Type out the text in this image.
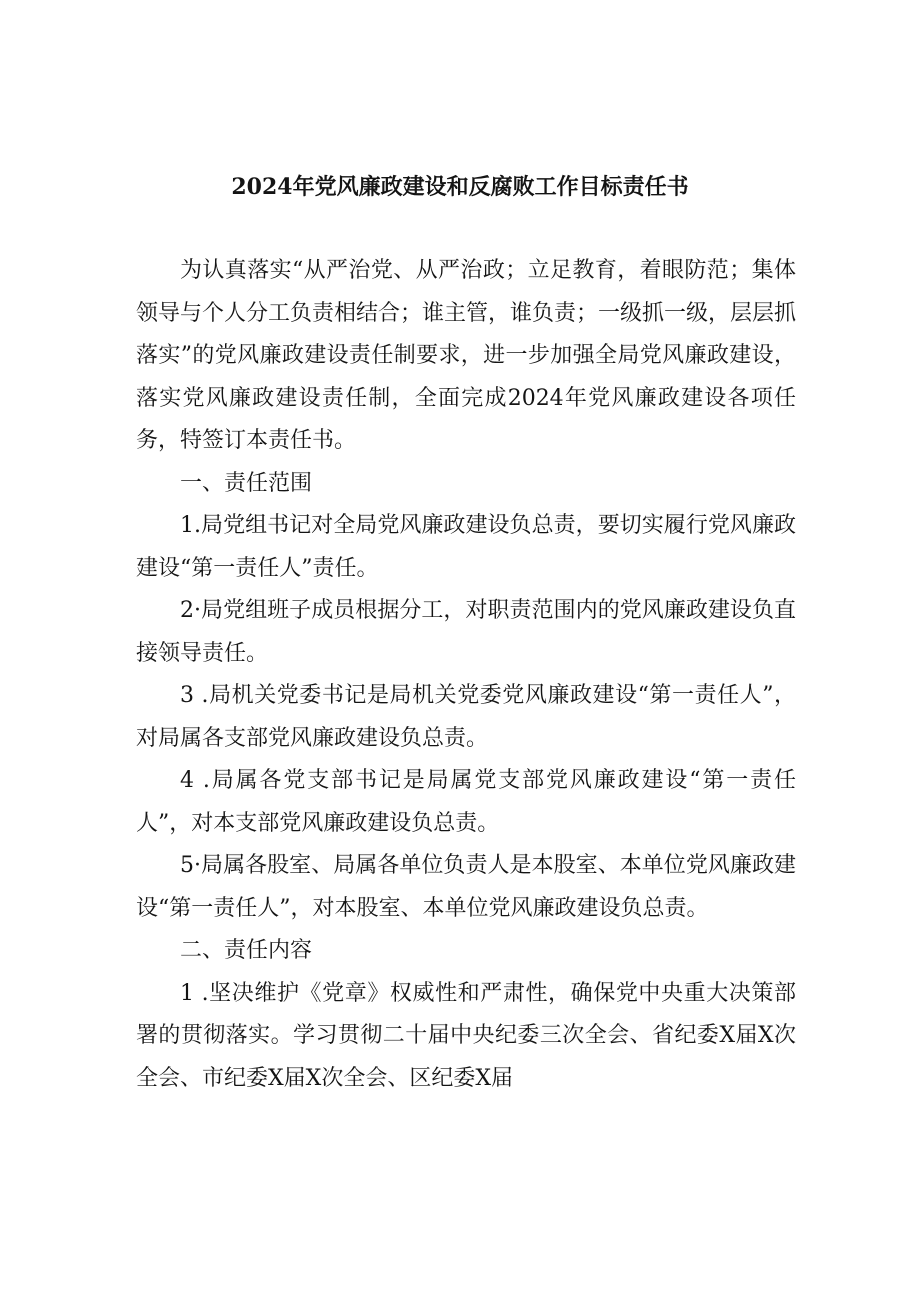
2024年党风廉政建设和反腐败工作目标责任书

为认真落实“从严治党、从严治政；立足教育，着眼防范；集体领导与个人分工负责相结合；谁主管，谁负责；一级抓一级，层层抓落实”的党风廉政建设责任制要求，进一步加强全局党风廉政建设，落实党风廉政建设责任制，全面完成2024年党风廉政建设各项任务，特签订本责任书。

一、责任范围

1.局党组书记对全局党风廉政建设负总责，要切实履行党风廉政建设“第一责任人”责任。

2·局党组班子成员根据分工，对职责范围内的党风廉政建设负直接领导责任。

3 .局机关党委书记是局机关党委党风廉政建设“第一责任人”，对局属各支部党风廉政建设负总责。

4 .局属各党支部书记是局属党支部党风廉政建设“第一责任人”，对本支部党风廉政建设负总责。

5·局属各股室、局属各单位负责人是本股室、本单位党风廉政建设“第一责任人”，对本股室、本单位党风廉政建设负总责。

二、责任内容

1 .坚决维护《党章》权威性和严肃性，确保党中央重大决策部署的贯彻落实。学习贯彻二十届中央纪委三次全会、省纪委X届X次全会、市纪委X届X次全会、区纪委X届
